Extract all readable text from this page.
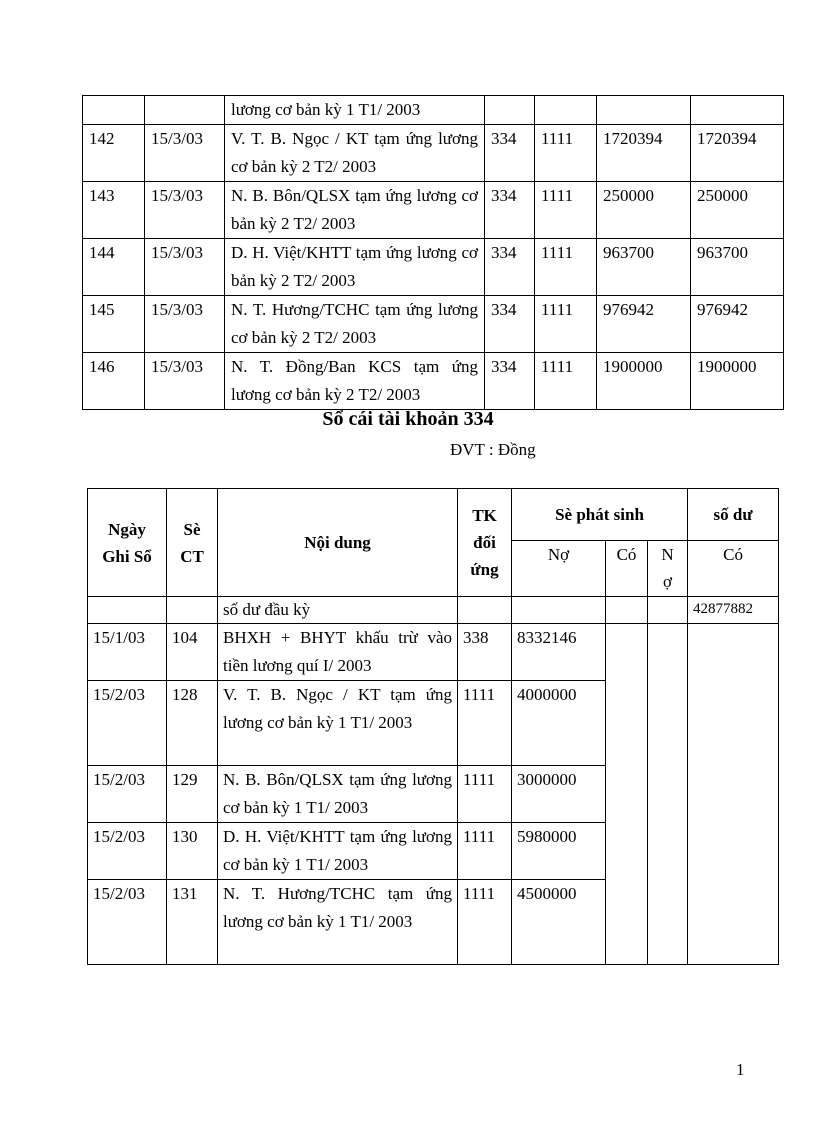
		lương cơ bản kỳ 1 T1/ 2003				
142	15/3/03	V. T. B. Ngọc / KT tạm ứng lương cơ bản kỳ 2 T2/ 2003	334	1111	1720394	1720394
143	15/3/03	N. B. Bôn/QLSX tạm ứng lương cơ bản kỳ 2 T2/ 2003	334	1111	250000	250000
144	15/3/03	D. H. Việt/KHTT tạm ứng lương cơ bản kỳ 2 T2/ 2003	334	1111	963700	963700
145	15/3/03	N. T. Hương/TCHC tạm ứng lương cơ bản kỳ 2 T2/ 2003	334	1111	976942	976942
146	15/3/03	N. T. Đồng/Ban KCS tạm ứng lương cơ bản kỳ 2 T2/ 2003	334	1111	1900000	1900000
Sổ cái tài khoản 334
ĐVT : Đồng
Ngày Ghi Sổ	Sè CT	Nội dung	TK đối ứng	Sè phát sinh			số dư
				Nợ	Có	N ợ	Có
		số dư đầu kỳ					42877882
15/1/03	104	BHXH + BHYT khấu trừ vào tiền lương quí I/ 2003	338	8332146			
15/2/03	128	V. T. B. Ngọc / KT tạm ứng lương cơ bản kỳ 1 T1/ 2003	1111	4000000			
15/2/03	129	N. B. Bôn/QLSX tạm ứng lương cơ bản kỳ 1 T1/ 2003	1111	3000000			
15/2/03	130	D. H. Việt/KHTT tạm ứng lương cơ bản kỳ 1 T1/ 2003	1111	5980000			
15/2/03	131	N. T. Hương/TCHC tạm ứng lương cơ bản kỳ 1 T1/ 2003	1111	4500000			
1
